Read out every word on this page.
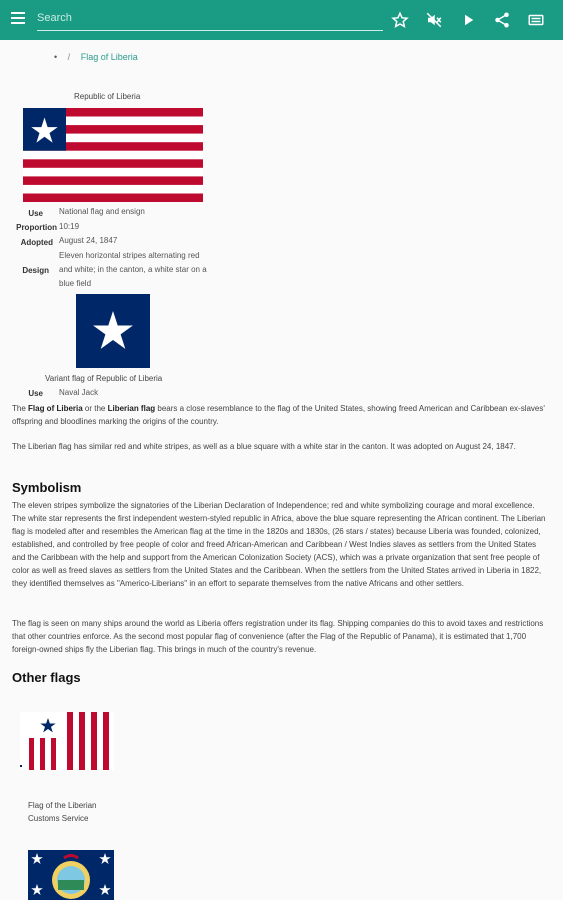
Search
• / Flag of Liberia
Republic of Liberia
Use National flag and ensign
Proportion 10:19
Adopted August 24, 1847
Design
Eleven horizontal stripes alternating red and white; in the canton, a white star on a blue field
Variant flag of Republic of Liberia
Use Naval Jack
The Flag of Liberia or the Liberian flag bears a close resemblance to the flag of the United States, showing freed American and Caribbean ex-slaves' offspring and bloodlines marking the origins of the country.
The Liberian flag has similar red and white stripes, as well as a blue square with a white star in the canton. It was adopted on August 24, 1847.
Symbolism
The eleven stripes symbolize the signatories of the Liberian Declaration of Independence; red and white symbolizing courage and moral excellence. The white star represents the first independent western-styled republic in Africa, above the blue square representing the African continent. The Liberian flag is modeled after and resembles the American flag at the time in the 1820s and 1830s, (26 stars / states) because Liberia was founded, colonized, established, and controlled by free people of color and freed African-American and Caribbean / West Indies slaves as settlers from the United States and the Caribbean with the help and support from the American Colonization Society (ACS), which was a private organization that sent free people of color as well as freed slaves as settlers from the United States and the Caribbean. When the settlers from the United States arrived in Liberia in 1822, they identified themselves as "Americo-Liberians" in an effort to separate themselves from the native Africans and other settlers.
The flag is seen on many ships around the world as Liberia offers registration under its flag. Shipping companies do this to avoid taxes and restrictions that other countries enforce. As the second most popular flag of convenience (after the Flag of the Republic of Panama), it is estimated that 1,700 foreign-owned ships fly the Liberian flag. This brings in much of the country's revenue.
Other flags
Flag of the Liberian
Customs Service
